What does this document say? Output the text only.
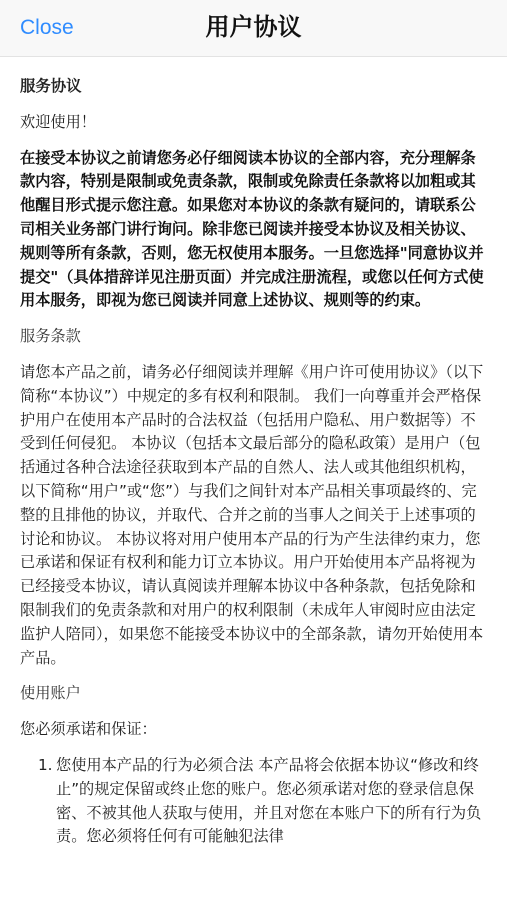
Close	用户协议

服务协议

欢迎使用！

在接受本协议之前请您务必仔细阅读本协议的全部内容，充分理解条款内容，特别是限制或免责条款，限制或免除责任条款将以加粗或其他醒目形式提示您注意。如果您对本协议的条款有疑问的，请联系公司相关业务部门讲行询问。除非您已阅读并接受本协议及相关协议、规则等所有条款，否则，您无权使用本服务。一旦您选择"同意协议并提交"（具体措辞详见注册页面）并完成注册流程，或您以任何方式使用本服务，即视为您已阅读并同意上述协议、规则等的约束。

服务条款

请您本产品之前，请务必仔细阅读并理解《用户许可使用协议》（以下简称“本协议”）中规定的多有权利和限制。 我们一向尊重并会严格保护用户在使用本产品时的合法权益（包括用户隐私、用户数据等）不受到任何侵犯。 本协议（包括本文最后部分的隐私政策）是用户（包括通过各种合法途径获取到本产品的自然人、法人或其他组织机构，以下简称“用户”或“您”）与我们之间针对本产品相关事项最终的、完整的且排他的协议，并取代、合并之前的当事人之间关于上述事项的讨论和协议。 本协议将对用户使用本产品的行为产生法律约束力，您已承诺和保证有权利和能力订立本协议。用户开始使用本产品将视为已经接受本协议，请认真阅读并理解本协议中各种条款，包括免除和限制我们的免责条款和对用户的权利限制（未成年人审阅时应由法定监护人陪同），如果您不能接受本协议中的全部条款，请勿开始使用本产品。

使用账户

您必须承诺和保证：

1. 您使用本产品的行为必须合法 本产品将会依据本协议“修改和终止”的规定保留或终止您的账户。您必须承诺对您的登录信息保密、不被其他人获取与使用，并且对您在本账户下的所有行为负责。您必须将任何有可能触犯法律
